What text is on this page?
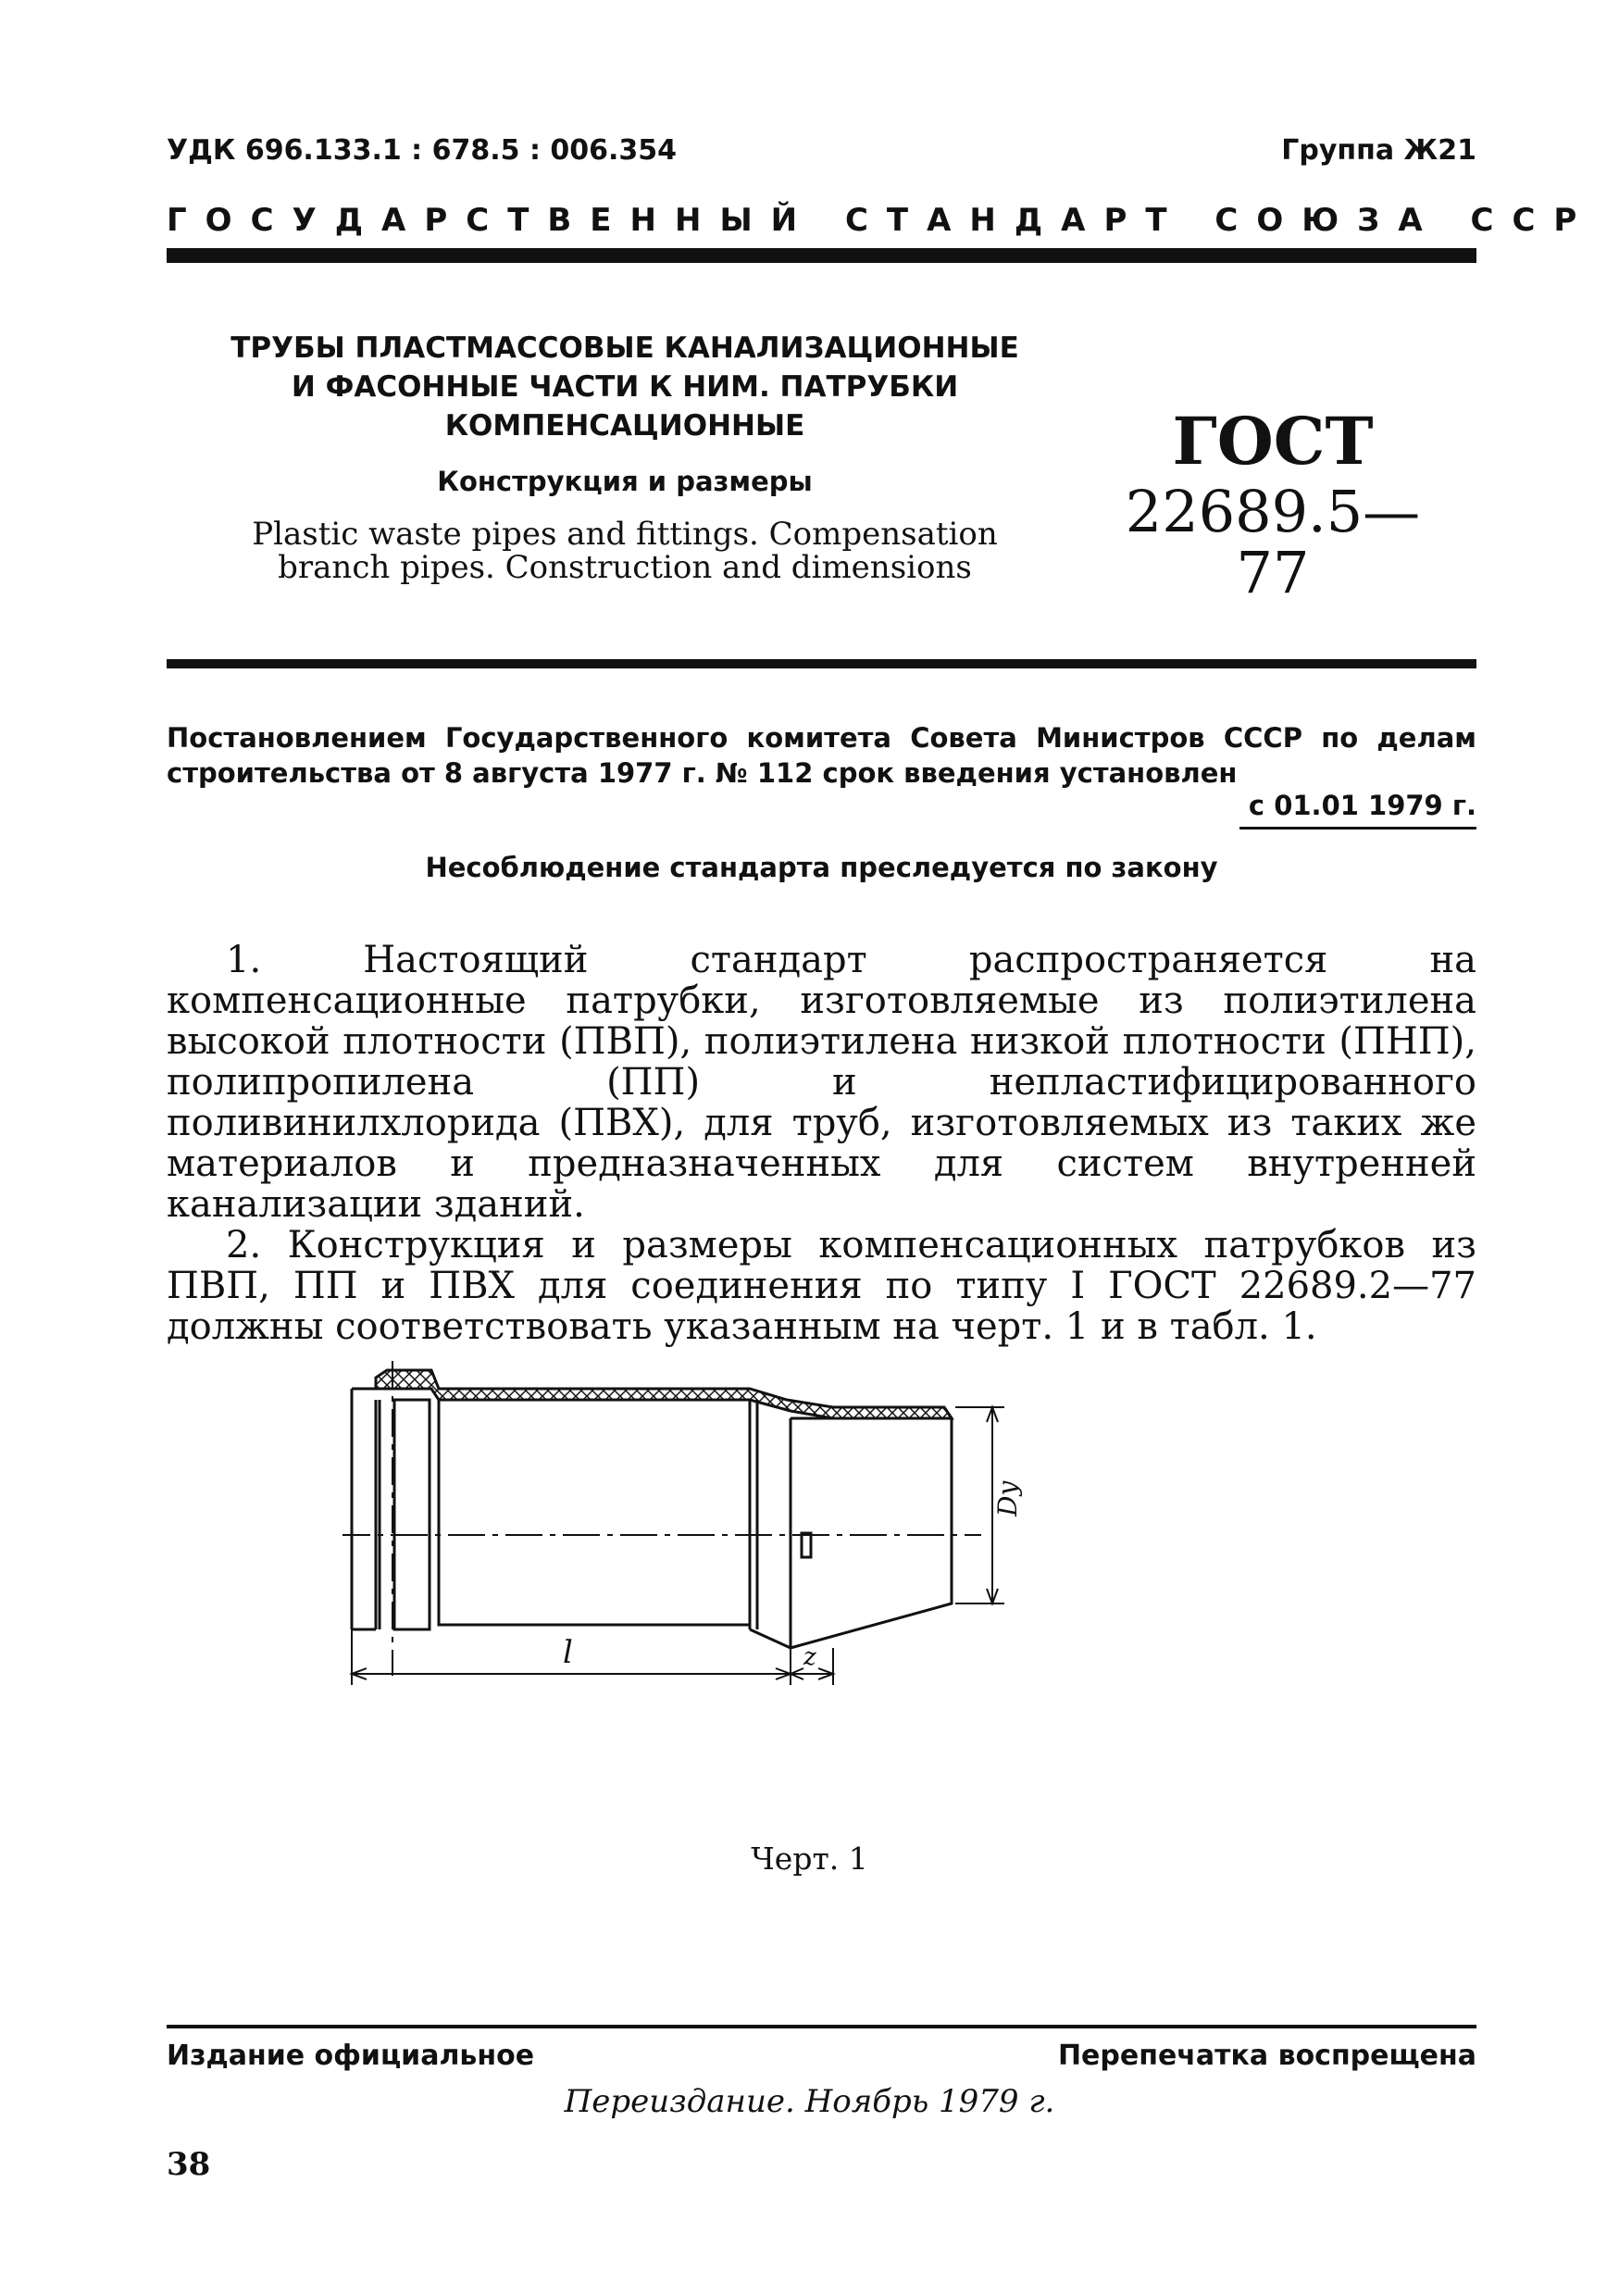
УДК 696.133.1 : 678.5 : 006.354	Группа Ж21
ГОСУДАРСТВЕННЫЙ СТАНДАРТ СОЮЗА ССР
ТРУБЫ ПЛАСТМАССОВЫЕ КАНАЛИЗАЦИОННЫЕ
И ФАСОННЫЕ ЧАСТИ К НИМ. ПАТРУБКИ
КОМПЕНСАЦИОННЫЕ
Конструкция и размеры
Plastic waste pipes and fittings. Compensation
branch pipes. Construction and dimensions
ГОСТ
22689.5—77
Постановлением Государственного комитета Совета Министров СССР по делам строительства от 8 августа 1977 г. № 112 срок введения установлен
с 01.01 1979 г.
Несоблюдение стандарта преследуется по закону

1. Настоящий стандарт распространяется на компенсационные патрубки, изготовляемые из полиэтилена высокой плотности (ПВП), полиэтилена низкой плотности (ПНП), полипропилена (ПП) и непластифицированного поливинилхлорида (ПВХ), для труб, изготовляемых из таких же материалов и предназначенных для систем внутренней канализации зданий.

2. Конструкция и размеры компенсационных патрубков из ПВП, ПП и ПВХ для соединения по типу I ГОСТ 22689.2—77 должны соответствовать указанным на черт. 1 и в табл. 1.

l	z
Dy
Черт. 1
Издание официальное	Перепечатка воспрещена
Переиздание. Ноябрь 1979 г.
38
